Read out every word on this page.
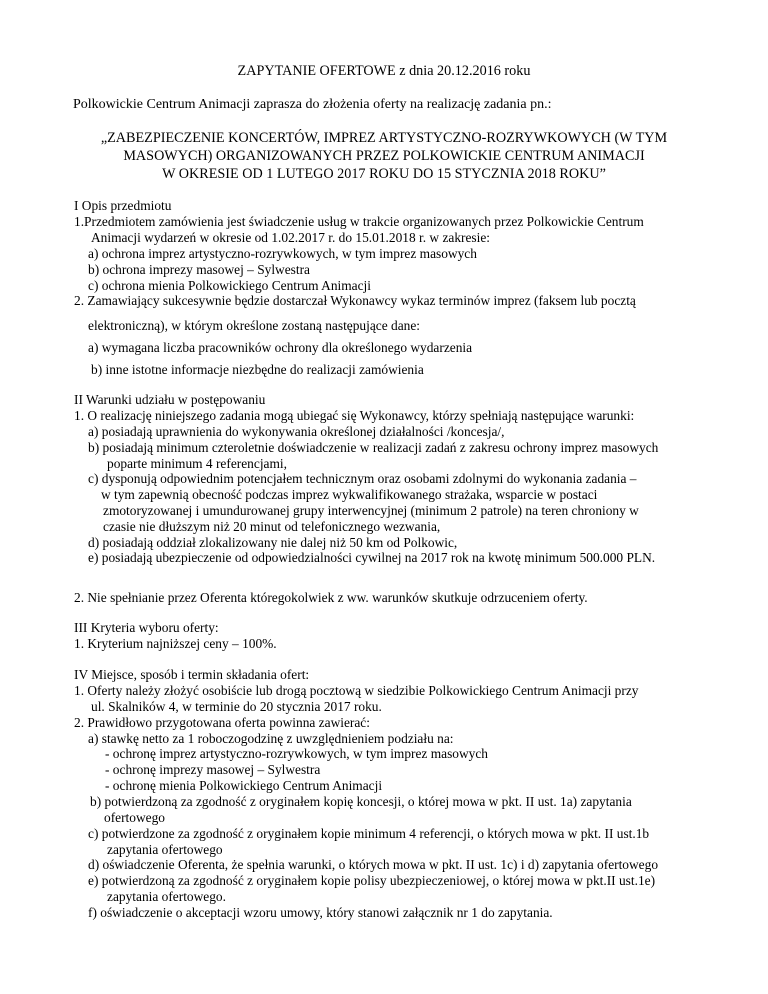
ZAPYTANIE OFERTOWE z dnia 20.12.2016 roku

Polkowickie Centrum Animacji zaprasza do złożenia oferty na realizację zadania pn.:

„ZABEZPIECZENIE KONCERTÓW, IMPREZ ARTYSTYCZNO-ROZRYWKOWYCH (W TYM

MASOWYCH) ORGANIZOWANYCH PRZEZ POLKOWICKIE CENTRUM ANIMACJI

W OKRESIE OD 1 LUTEGO 2017 ROKU DO 15 STYCZNIA 2018 ROKU”

I Opis przedmiotu

1.Przedmiotem zamówienia jest świadczenie usług w trakcie organizowanych przez Polkowickie Centrum

Animacji wydarzeń w okresie od 1.02.2017 r. do 15.01.2018 r. w zakresie:

a) ochrona imprez artystyczno-rozrywkowych, w tym imprez masowych

b) ochrona imprezy masowej – Sylwestra

c) ochrona mienia Polkowickiego Centrum Animacji

2. Zamawiający sukcesywnie będzie dostarczał Wykonawcy wykaz terminów imprez (faksem lub pocztą

elektroniczną), w którym określone zostaną następujące dane:

a) wymagana liczba pracowników ochrony dla określonego wydarzenia

b) inne istotne informacje niezbędne do realizacji zamówienia

II Warunki udziału w postępowaniu

1. O realizację niniejszego zadania mogą ubiegać się Wykonawcy, którzy spełniają następujące warunki:

a) posiadają uprawnienia do wykonywania określonej działalności /koncesja/,

b) posiadają minimum czteroletnie doświadczenie w realizacji zadań z zakresu ochrony imprez masowych

poparte minimum 4 referencjami,

c) dysponują odpowiednim potencjałem technicznym oraz osobami zdolnymi do wykonania zadania –

w tym zapewnią obecność podczas imprez wykwalifikowanego strażaka, wsparcie w postaci

zmotoryzowanej i umundurowanej grupy interwencyjnej (minimum 2 patrole) na teren chroniony w

czasie nie dłuższym niż 20 minut od telefonicznego wezwania,

d) posiadają oddział zlokalizowany nie dalej niż 50 km od Polkowic,

e) posiadają ubezpieczenie od odpowiedzialności cywilnej na 2017 rok na kwotę minimum 500.000 PLN.

2. Nie spełnianie przez Oferenta któregokolwiek z ww. warunków skutkuje odrzuceniem oferty.

III Kryteria wyboru oferty:

1. Kryterium najniższej ceny – 100%.

IV Miejsce, sposób i termin składania ofert:

1. Oferty należy złożyć osobiście lub drogą pocztową w siedzibie Polkowickiego Centrum Animacji przy

ul. Skalników 4, w terminie do 20 stycznia 2017 roku.

2. Prawidłowo przygotowana oferta powinna zawierać:

a) stawkę netto za 1 roboczogodzinę z uwzględnieniem podziału na:

- ochronę imprez artystyczno-rozrywkowych, w tym imprez masowych

- ochronę imprezy masowej – Sylwestra

- ochronę mienia Polkowickiego Centrum Animacji

b) potwierdzoną za zgodność z oryginałem kopię koncesji, o której mowa w pkt. II ust. 1a) zapytania

ofertowego

c) potwierdzone za zgodność z oryginałem kopie minimum 4 referencji, o których mowa w pkt. II ust.1b

zapytania ofertowego

d) oświadczenie Oferenta, że spełnia warunki, o których mowa w pkt. II ust. 1c) i d) zapytania ofertowego

e) potwierdzoną za zgodność z oryginałem kopie polisy ubezpieczeniowej, o której mowa w pkt.II ust.1e)

zapytania ofertowego.

f) oświadczenie o akceptacji wzoru umowy, który stanowi załącznik nr 1 do zapytania.
